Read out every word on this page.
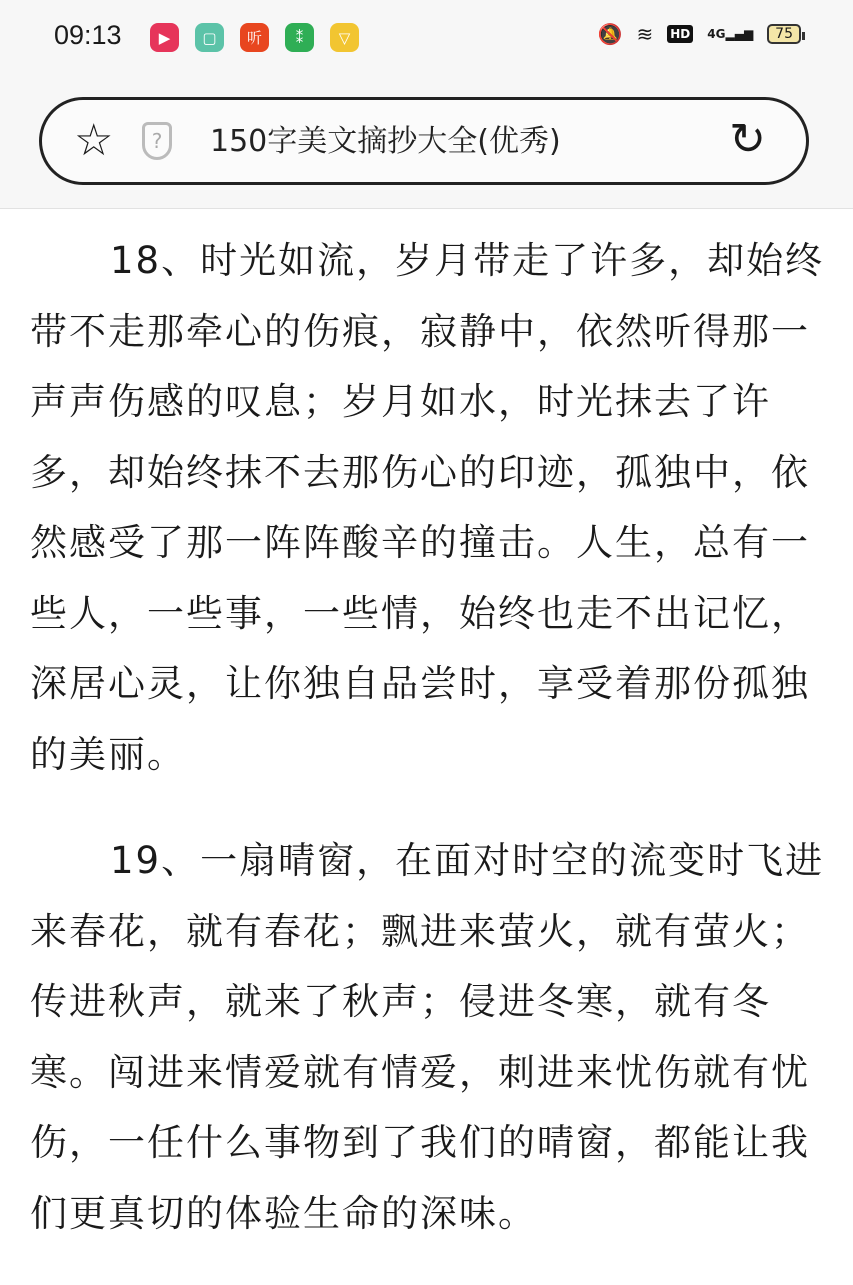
09:13	▶	▢	听	⁑	▽	🔕 ≋ HD 4G▂▄▆	75
☆	?	150字美文摘抄大全(优秀)	↻
18、时光如流，岁月带走了许多，却始终
带不走那牵心的伤痕，寂静中，依然听得那一
声声伤感的叹息；岁月如水，时光抹去了许
多，却始终抹不去那伤心的印迹，孤独中，依
然感受了那一阵阵酸辛的撞击。人生，总有一
些人，一些事，一些情，始终也走不出记忆，
深居心灵，让你独自品尝时，享受着那份孤独
的美丽。
19、一扇晴窗，在面对时空的流变时飞进
来春花，就有春花；飘进来萤火，就有萤火；
传进秋声，就来了秋声；侵进冬寒，就有冬
寒。闯进来情爱就有情爱，刺进来忧伤就有忧
伤，一任什么事物到了我们的晴窗，都能让我
们更真切的体验生命的深味。
